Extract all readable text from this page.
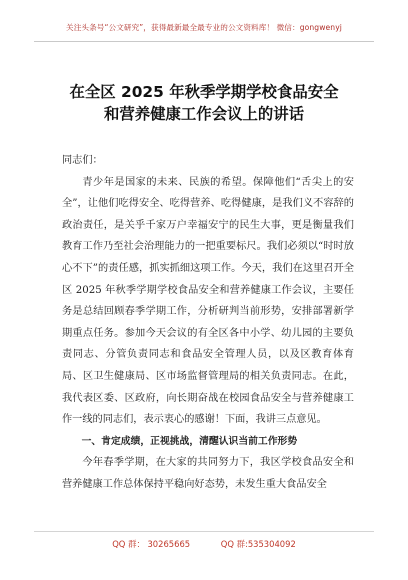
关注头条号“公文研究”，获得最新最全最专业的公文资料库！ 微信：gongwenyj
在全区 2025 年秋季学期学校食品安全
和营养健康工作会议上的讲话

同志们：

青少年是国家的未来、民族的希望。保障他们“舌尖上的安全”，让他们吃得安全、吃得营养、吃得健康，是我们义不容辞的政治责任，是关乎千家万户幸福安宁的民生大事，更是衡量我们教育工作乃至社会治理能力的一把重要标尺。我们必须以“时时放心不下”的责任感，抓实抓细这项工作。今天，我们在这里召开全区 2025 年秋季学期学校食品安全和营养健康工作会议，主要任务是总结回顾春季学期工作，分析研判当前形势，安排部署新学期重点任务。参加今天会议的有全区各中小学、幼儿园的主要负责同志、分管负责同志和食品安全管理人员，以及区教育体育局、区卫生健康局、区市场监督管理局的相关负责同志。在此，我代表区委、区政府，向长期奋战在校园食品安全与营养健康工作一线的同志们，表示衷心的感谢！下面，我讲三点意见。

一、肯定成绩，正视挑战，清醒认识当前工作形势

今年春季学期，在大家的共同努力下，我区学校食品安全和营养健康工作总体保持平稳向好态势，未发生重大食品安全

QQ 群： 30265665	QQ 群:535304092
